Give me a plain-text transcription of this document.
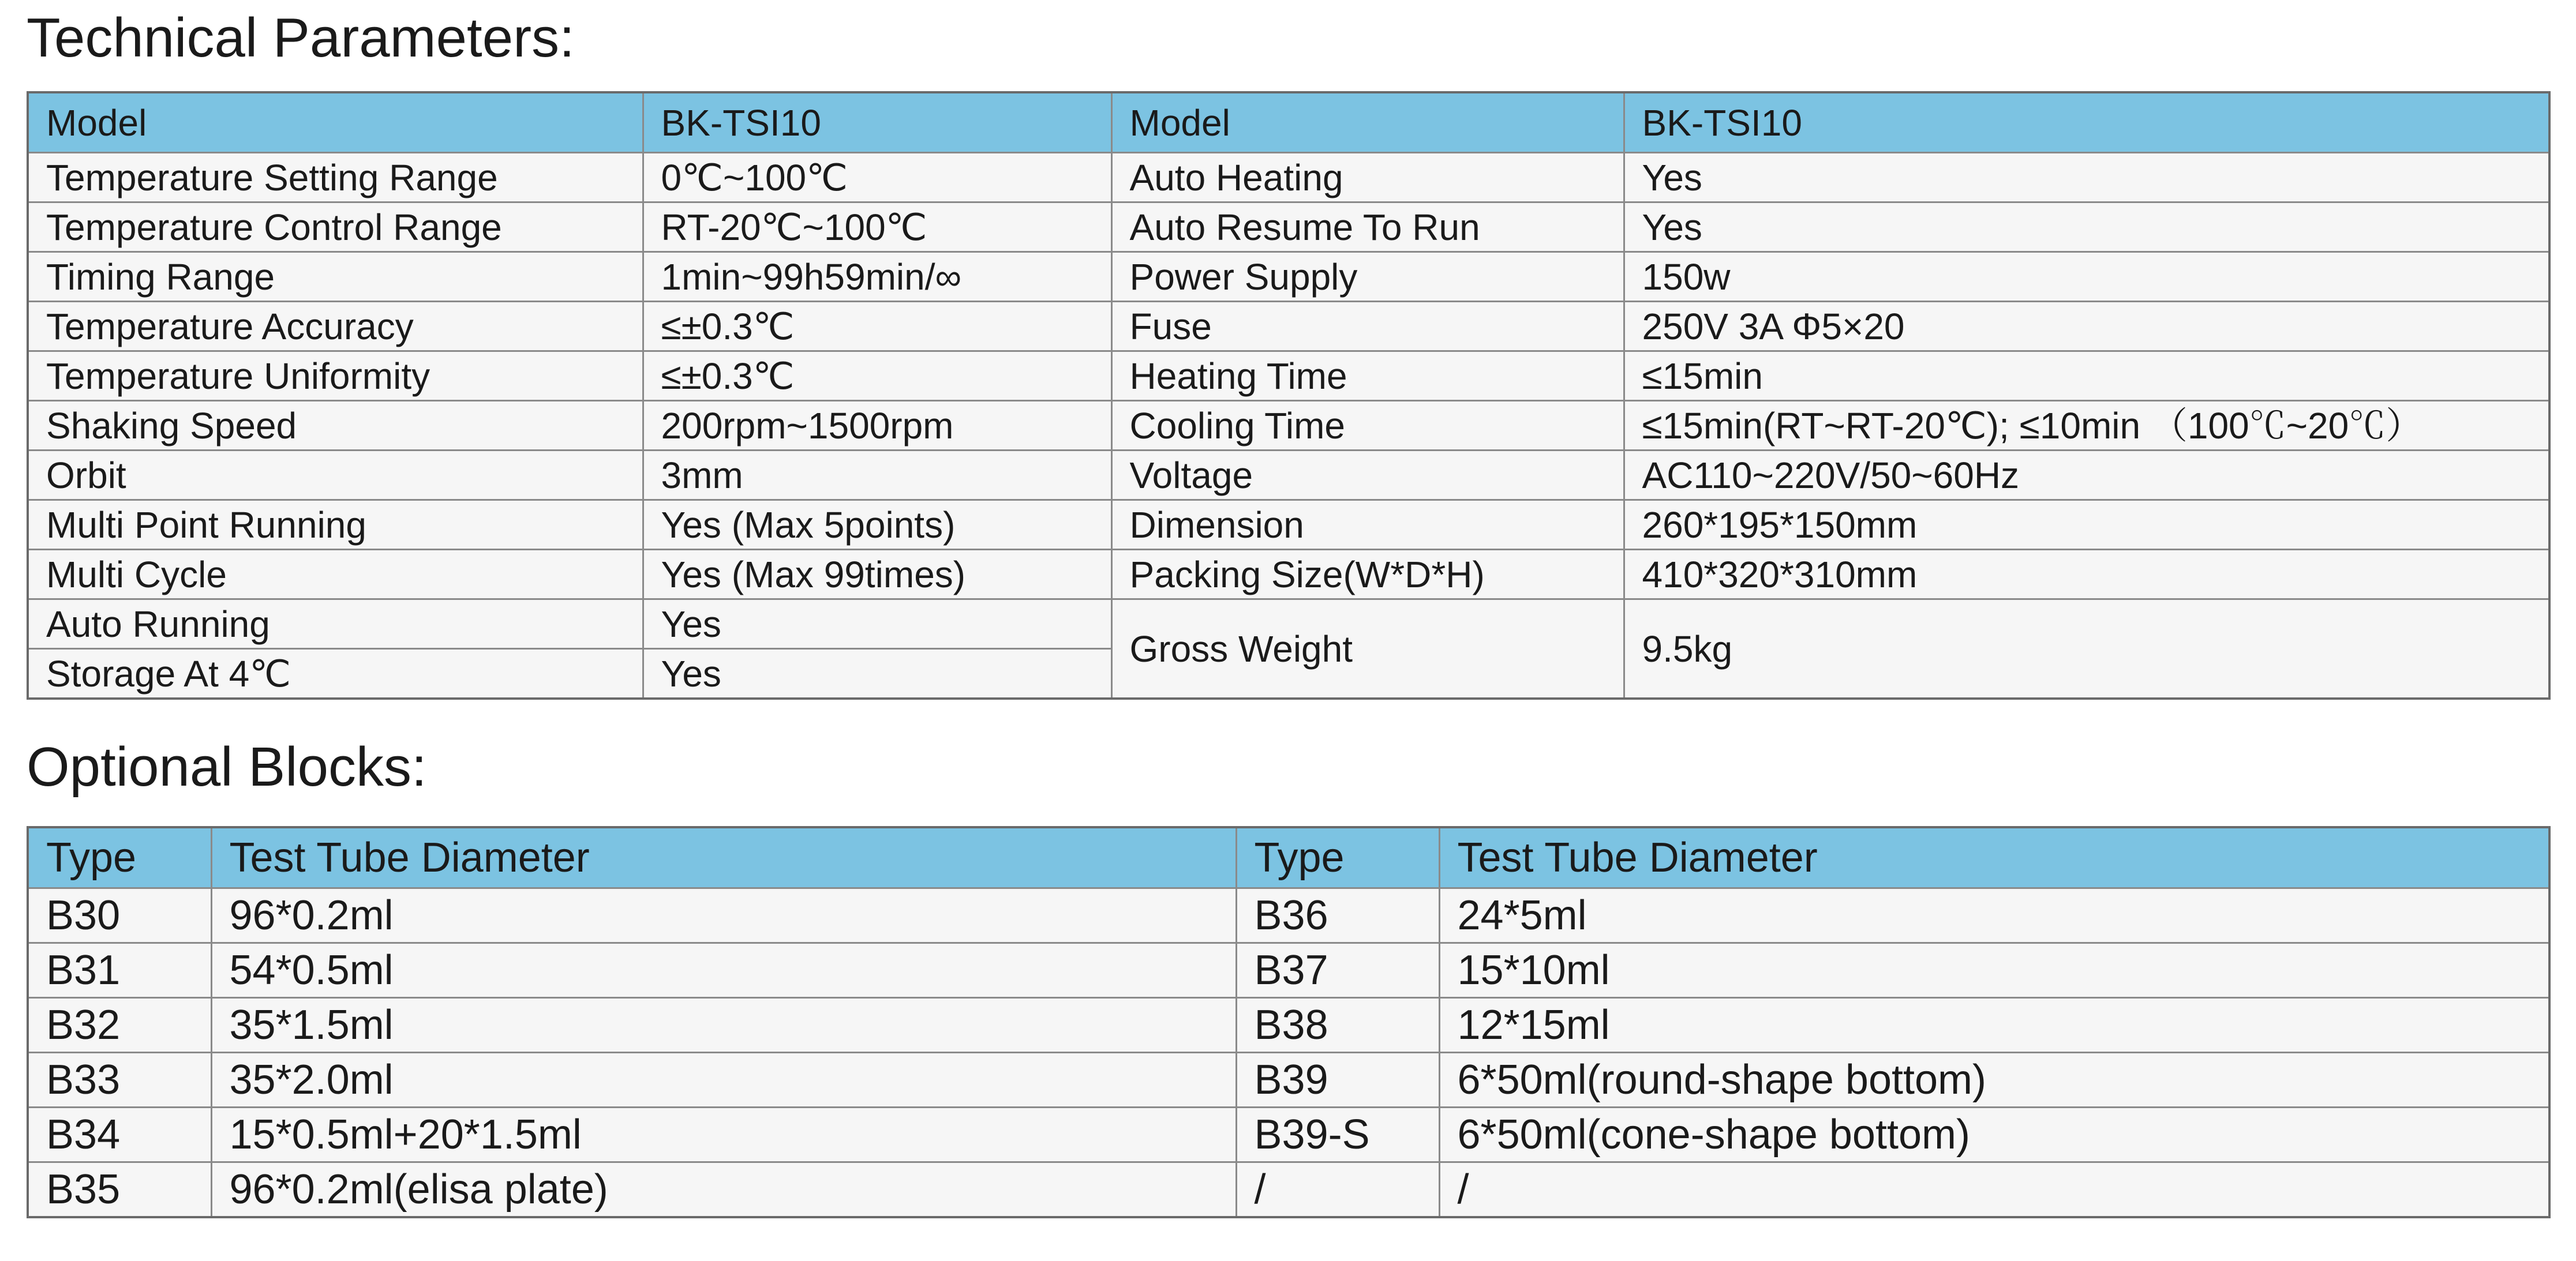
Technical Parameters:
Model	BK-TSI10	Model	BK-TSI10
Temperature Setting Range	0℃~100℃	Auto Heating	Yes
Temperature Control Range	RT-20℃~100℃	Auto Resume To Run	Yes
Timing Range	1min~99h59min/∞	Power Supply	150w
Temperature Accuracy	≤±0.3℃	Fuse	250V 3A Φ5×20
Temperature Uniformity	≤±0.3℃	Heating Time	≤15min
Shaking Speed	200rpm~1500rpm	Cooling Time	≤15min(RT~RT-20℃); ≤10min （100℃~20℃）
Orbit	3mm	Voltage	AC110~220V/50~60Hz
Multi Point Running	Yes (Max 5points)	Dimension	260*195*150mm
Multi Cycle	Yes (Max 99times)	Packing Size(W*D*H)	410*320*310mm
Auto Running	Yes	Gross Weight	9.5kg
Storage At 4℃	Yes		
Optional Blocks:
Type	Test Tube Diameter	Type	Test Tube Diameter
B30	96*0.2ml	B36	24*5ml
B31	54*0.5ml	B37	15*10ml
B32	35*1.5ml	B38	12*15ml
B33	35*2.0ml	B39	6*50ml(round-shape bottom)
B34	15*0.5ml+20*1.5ml	B39-S	6*50ml(cone-shape bottom)
B35	96*0.2ml(elisa plate)	/	/
